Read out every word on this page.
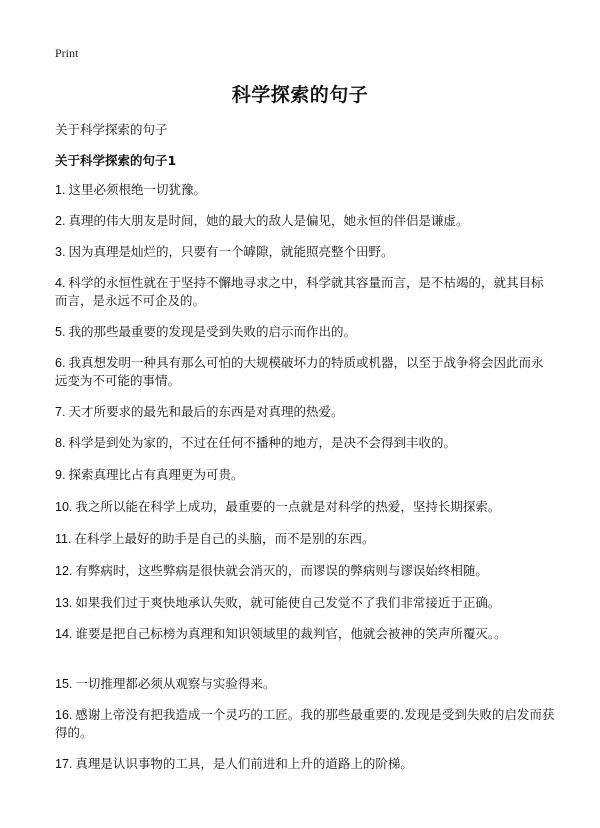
Print
科学探索的句子
关于科学探索的句子
关于科学探索的句子1
1. 这里必须根绝一切犹豫。
2. 真理的伟大朋友是时间，她的最大的敌人是偏见，她永恒的伴侣是谦虚。
3. 因为真理是灿烂的，只要有一个罅隙，就能照亮整个田野。
4. 科学的永恒性就在于坚持不懈地寻求之中，科学就其容量而言，是不枯竭的，就其目标而言，是永远不可企及的。
5. 我的那些最重要的发现是受到失败的启示而作出的。
6. 我真想发明一种具有那么可怕的大规模破坏力的特质或机器，以至于战争将会因此而永远变为不可能的事情。
7. 天才所要求的最先和最后的东西是对真理的热爱。
8. 科学是到处为家的，不过在任何不播种的地方，是决不会得到丰收的。
9. 探索真理比占有真理更为可贵。
10. 我之所以能在科学上成功，最重要的一点就是对科学的热爱，坚持长期探索。
11. 在科学上最好的助手是自己的头脑，而不是别的东西。
12. 有弊病时，这些弊病是很快就会消灭的，而谬误的弊病则与谬误始终相随。
13. 如果我们过于爽快地承认失败，就可能使自己发觉不了我们非常接近于正确。
14. 谁要是把自己标榜为真理和知识领域里的裁判官，他就会被神的笑声所覆灭。。
15. 一切推理都必须从观察与实验得来。
16. 感谢上帝没有把我造成一个灵巧的工匠。我的那些最重要的.发现是受到失败的启发而获得的。
17. 真理是认识事物的工具，是人们前进和上升的道路上的阶梯。
